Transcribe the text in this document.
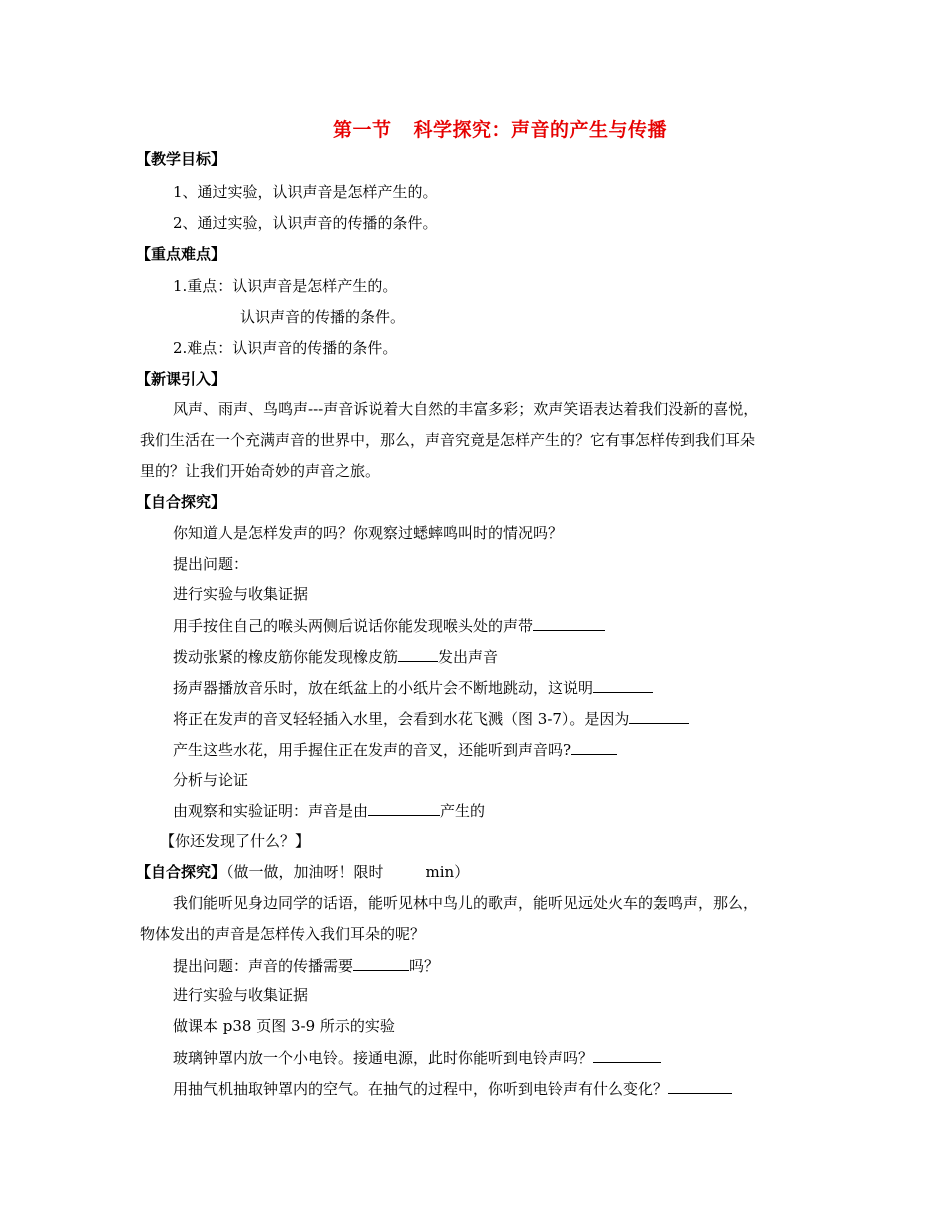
第一节 科学探究：声音的产生与传播
【教学目标】
1、通过实验，认识声音是怎样产生的。
2、通过实验，认识声音的传播的条件。
【重点难点】
1.重点：认识声音是怎样产生的。
认识声音的传播的条件。
2.难点：认识声音的传播的条件。
【新课引入】
风声、雨声、鸟鸣声---声音诉说着大自然的丰富多彩；欢声笑语表达着我们没新的喜悦，
我们生活在一个充满声音的世界中，那么，声音究竟是怎样产生的？它有事怎样传到我们耳朵
里的？让我们开始奇妙的声音之旅。
【自合探究】
你知道人是怎样发声的吗？你观察过蟋蟀鸣叫时的情况吗？
提出问题：
进行实验与收集证据
用手按住自己的喉头两侧后说话你能发现喉头处的声带
拨动张紧的橡皮筋你能发现橡皮筋	发出声音
扬声器播放音乐时，放在纸盆上的小纸片会不断地跳动，这说明
将正在发声的音叉轻轻插入水里，会看到水花飞溅（图 3-7）。是因为
产生这些水花，用手握住正在发声的音叉，还能听到声音吗?
分析与论证
由观察和实验证明：声音是由	产生的
【你还发现了什么？】
【自合探究】（做一做，加油呀！限时	min）
我们能听见身边同学的话语，能听见林中鸟儿的歌声，能听见远处火车的轰鸣声，那么，
物体发出的声音是怎样传入我们耳朵的呢？
提出问题：声音的传播需要	吗？
进行实验与收集证据
做课本 p38 页图 3-9 所示的实验
玻璃钟罩内放一个小电铃。接通电源，此时你能听到电铃声吗？
用抽气机抽取钟罩内的空气。在抽气的过程中，你听到电铃声有什么变化？
